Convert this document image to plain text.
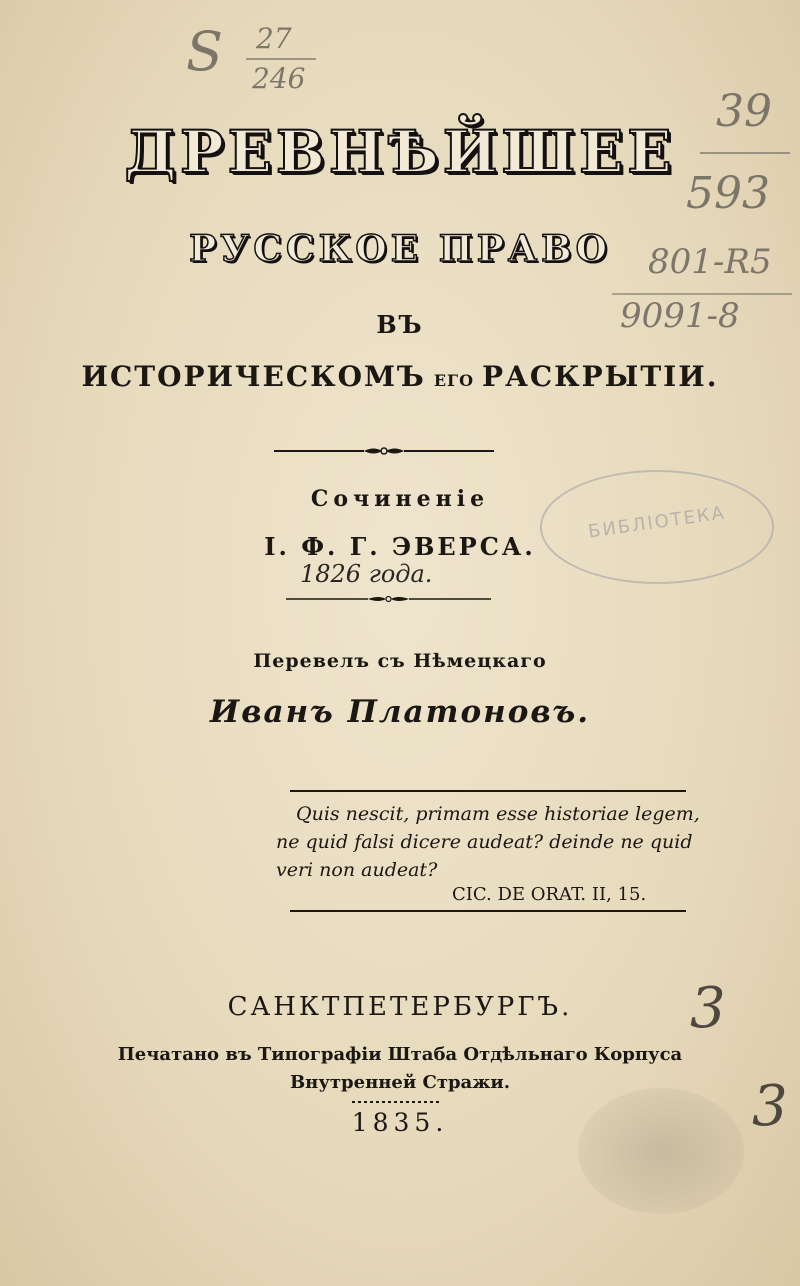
S 27
246
39
593
801-R5
9091-8
ДРЕВНѢЙШЕЕ
РУССКОЕ ПРАВО
ВЪ
ИСТОРИЧЕСКОМЪ ЕГО РАСКРЫТІИ.
БИБЛІОТЕКА
Сочиненіе
І. Ф. Г. ЭВЕРСА.
1826 года.
Перевелъ съ Нѣмецкаго
Иванъ Платоновъ.
Quis nescit, primam esse historiae legem,
ne quid falsi dicere audeat? deinde ne quid
veri non audeat?
CIC. DE ORAT. II, 15.
САНКТПЕТЕРБУРГЪ.
Печатано въ Типографіи Штаба Отдѣльнаго Корпуса
Внутренней Стражи.
1835.
3
3
